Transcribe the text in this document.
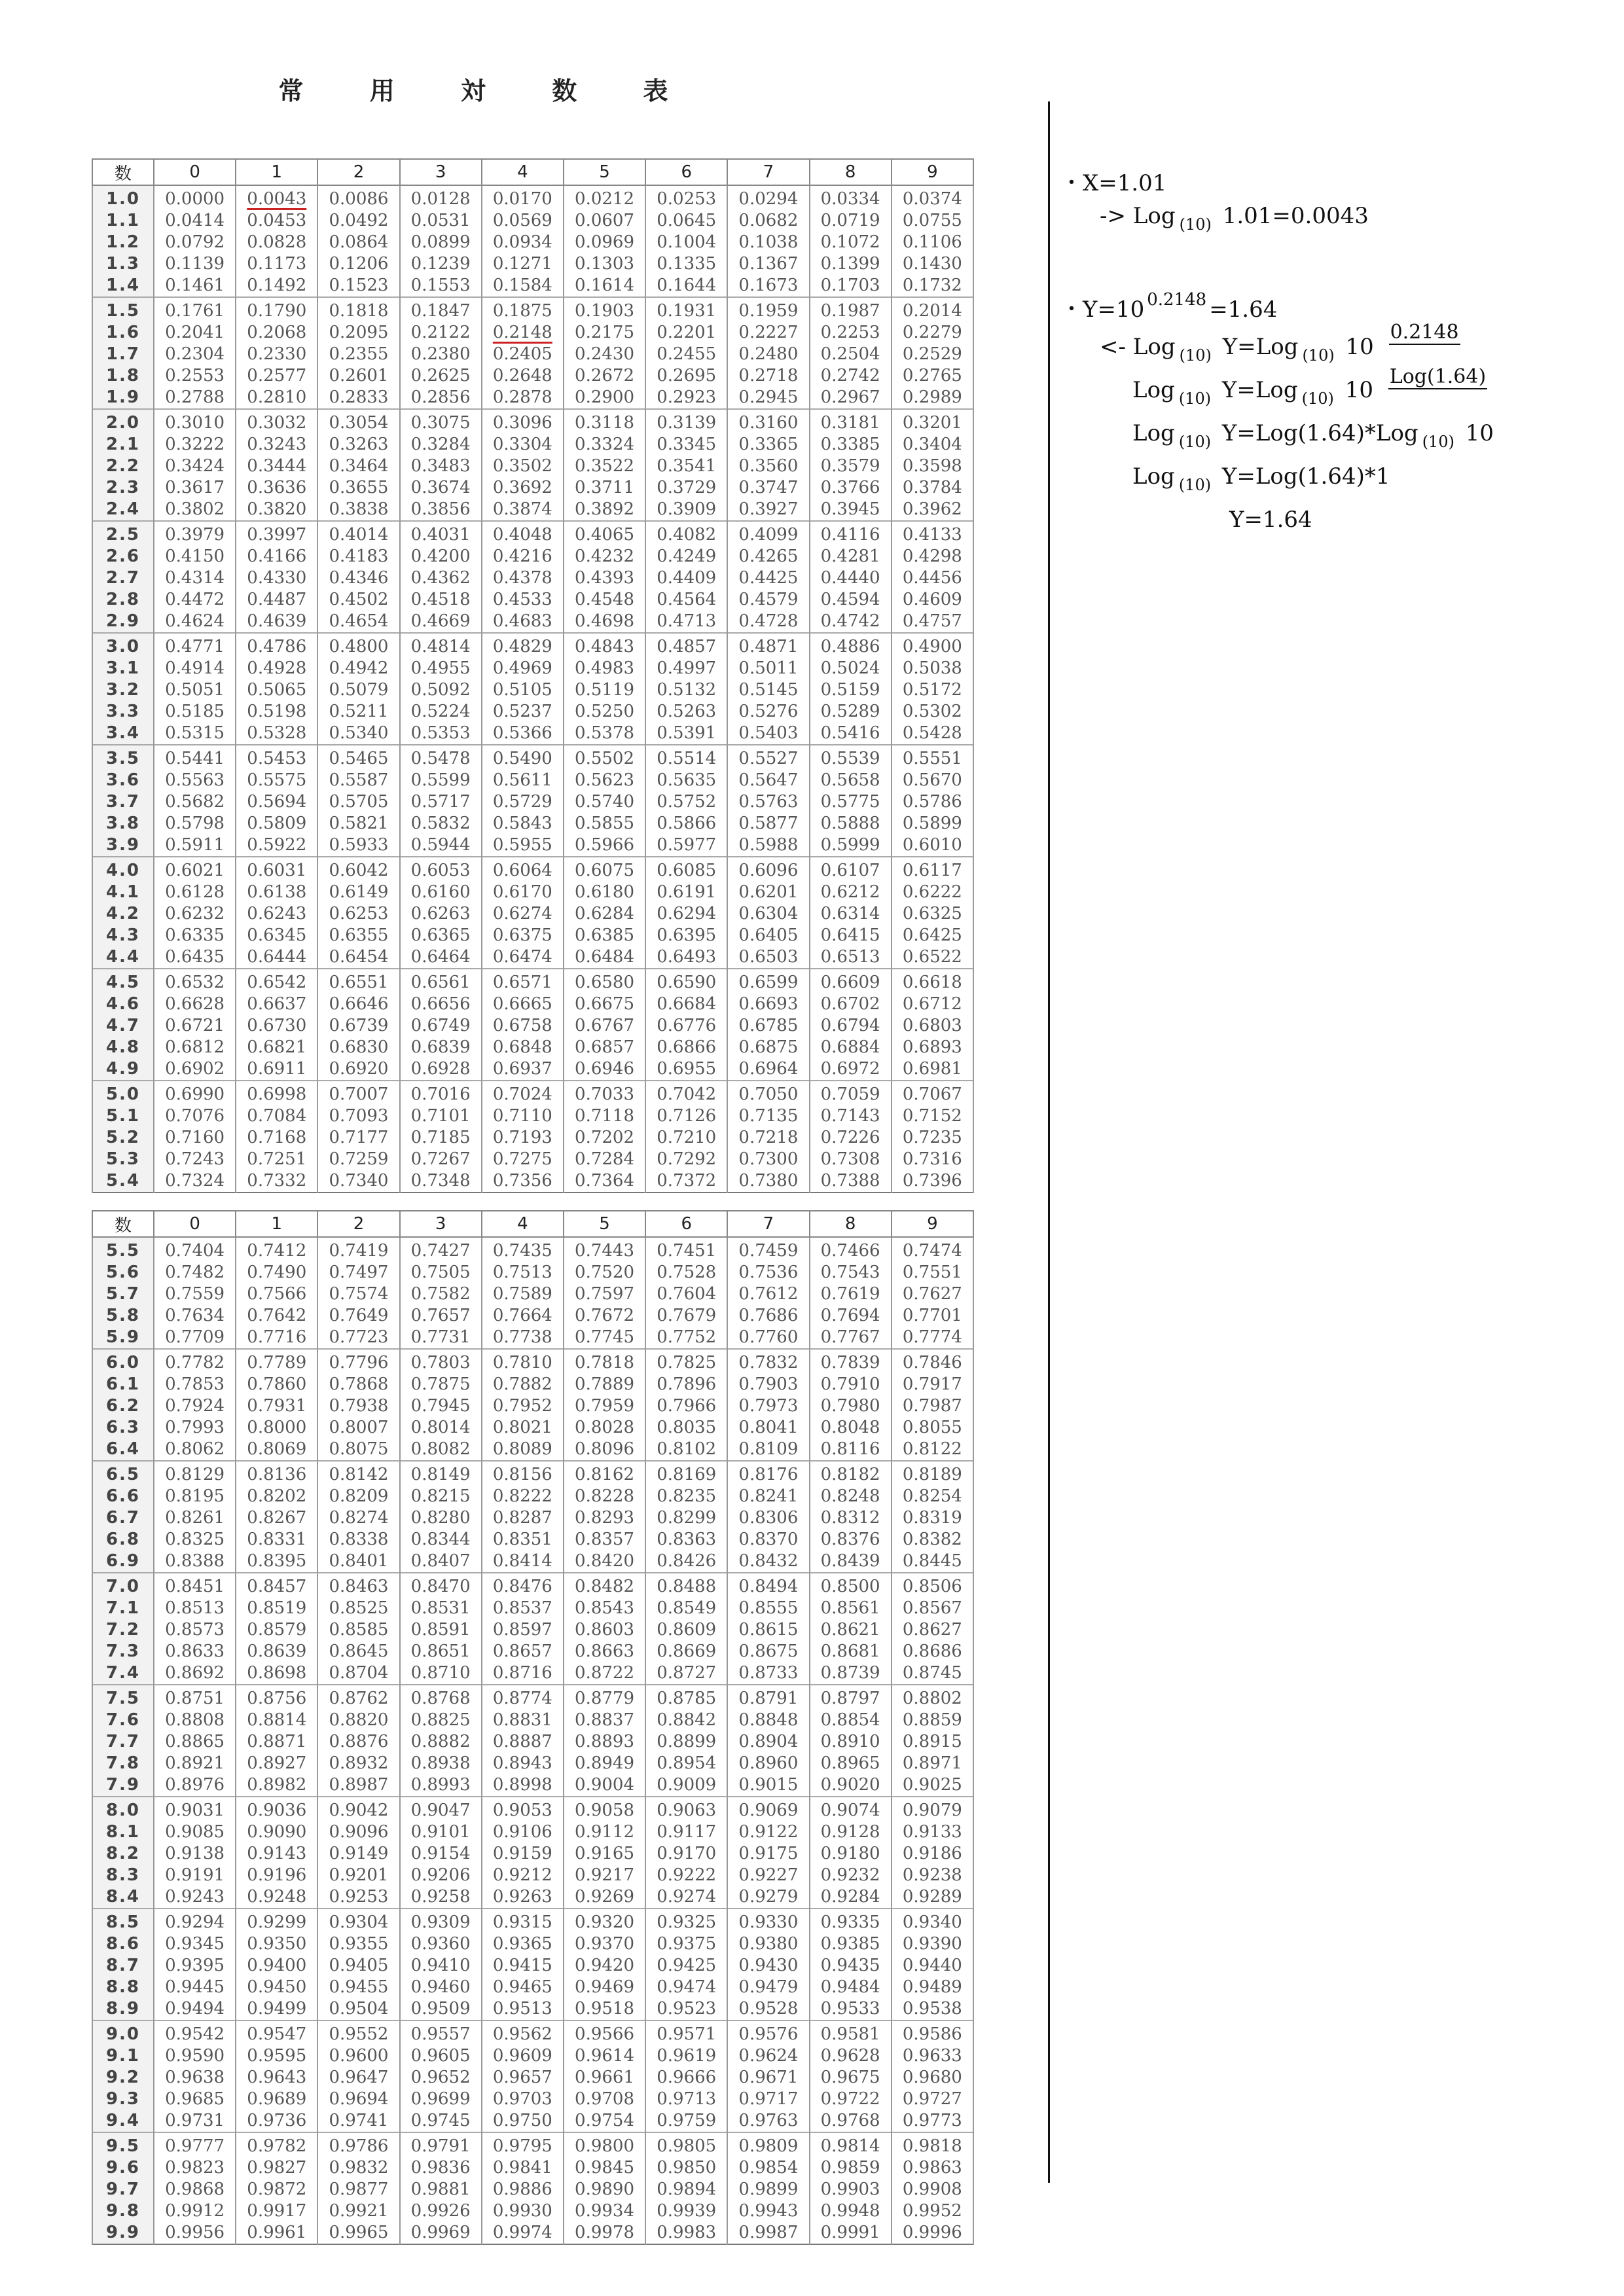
常 用 対 数 表
数	0	1	2	3	4	5	6	7	8	9
1.0	0.0000	0.0043	0.0086	0.0128	0.0170	0.0212	0.0253	0.0294	0.0334	0.0374
1.1	0.0414	0.0453	0.0492	0.0531	0.0569	0.0607	0.0645	0.0682	0.0719	0.0755
1.2	0.0792	0.0828	0.0864	0.0899	0.0934	0.0969	0.1004	0.1038	0.1072	0.1106
1.3	0.1139	0.1173	0.1206	0.1239	0.1271	0.1303	0.1335	0.1367	0.1399	0.1430
1.4	0.1461	0.1492	0.1523	0.1553	0.1584	0.1614	0.1644	0.1673	0.1703	0.1732
1.5	0.1761	0.1790	0.1818	0.1847	0.1875	0.1903	0.1931	0.1959	0.1987	0.2014
1.6	0.2041	0.2068	0.2095	0.2122	0.2148	0.2175	0.2201	0.2227	0.2253	0.2279
1.7	0.2304	0.2330	0.2355	0.2380	0.2405	0.2430	0.2455	0.2480	0.2504	0.2529
1.8	0.2553	0.2577	0.2601	0.2625	0.2648	0.2672	0.2695	0.2718	0.2742	0.2765
1.9	0.2788	0.2810	0.2833	0.2856	0.2878	0.2900	0.2923	0.2945	0.2967	0.2989
2.0	0.3010	0.3032	0.3054	0.3075	0.3096	0.3118	0.3139	0.3160	0.3181	0.3201
2.1	0.3222	0.3243	0.3263	0.3284	0.3304	0.3324	0.3345	0.3365	0.3385	0.3404
2.2	0.3424	0.3444	0.3464	0.3483	0.3502	0.3522	0.3541	0.3560	0.3579	0.3598
2.3	0.3617	0.3636	0.3655	0.3674	0.3692	0.3711	0.3729	0.3747	0.3766	0.3784
2.4	0.3802	0.3820	0.3838	0.3856	0.3874	0.3892	0.3909	0.3927	0.3945	0.3962
2.5	0.3979	0.3997	0.4014	0.4031	0.4048	0.4065	0.4082	0.4099	0.4116	0.4133
2.6	0.4150	0.4166	0.4183	0.4200	0.4216	0.4232	0.4249	0.4265	0.4281	0.4298
2.7	0.4314	0.4330	0.4346	0.4362	0.4378	0.4393	0.4409	0.4425	0.4440	0.4456
2.8	0.4472	0.4487	0.4502	0.4518	0.4533	0.4548	0.4564	0.4579	0.4594	0.4609
2.9	0.4624	0.4639	0.4654	0.4669	0.4683	0.4698	0.4713	0.4728	0.4742	0.4757
3.0	0.4771	0.4786	0.4800	0.4814	0.4829	0.4843	0.4857	0.4871	0.4886	0.4900
3.1	0.4914	0.4928	0.4942	0.4955	0.4969	0.4983	0.4997	0.5011	0.5024	0.5038
3.2	0.5051	0.5065	0.5079	0.5092	0.5105	0.5119	0.5132	0.5145	0.5159	0.5172
3.3	0.5185	0.5198	0.5211	0.5224	0.5237	0.5250	0.5263	0.5276	0.5289	0.5302
3.4	0.5315	0.5328	0.5340	0.5353	0.5366	0.5378	0.5391	0.5403	0.5416	0.5428
3.5	0.5441	0.5453	0.5465	0.5478	0.5490	0.5502	0.5514	0.5527	0.5539	0.5551
3.6	0.5563	0.5575	0.5587	0.5599	0.5611	0.5623	0.5635	0.5647	0.5658	0.5670
3.7	0.5682	0.5694	0.5705	0.5717	0.5729	0.5740	0.5752	0.5763	0.5775	0.5786
3.8	0.5798	0.5809	0.5821	0.5832	0.5843	0.5855	0.5866	0.5877	0.5888	0.5899
3.9	0.5911	0.5922	0.5933	0.5944	0.5955	0.5966	0.5977	0.5988	0.5999	0.6010
4.0	0.6021	0.6031	0.6042	0.6053	0.6064	0.6075	0.6085	0.6096	0.6107	0.6117
4.1	0.6128	0.6138	0.6149	0.6160	0.6170	0.6180	0.6191	0.6201	0.6212	0.6222
4.2	0.6232	0.6243	0.6253	0.6263	0.6274	0.6284	0.6294	0.6304	0.6314	0.6325
4.3	0.6335	0.6345	0.6355	0.6365	0.6375	0.6385	0.6395	0.6405	0.6415	0.6425
4.4	0.6435	0.6444	0.6454	0.6464	0.6474	0.6484	0.6493	0.6503	0.6513	0.6522
4.5	0.6532	0.6542	0.6551	0.6561	0.6571	0.6580	0.6590	0.6599	0.6609	0.6618
4.6	0.6628	0.6637	0.6646	0.6656	0.6665	0.6675	0.6684	0.6693	0.6702	0.6712
4.7	0.6721	0.6730	0.6739	0.6749	0.6758	0.6767	0.6776	0.6785	0.6794	0.6803
4.8	0.6812	0.6821	0.6830	0.6839	0.6848	0.6857	0.6866	0.6875	0.6884	0.6893
4.9	0.6902	0.6911	0.6920	0.6928	0.6937	0.6946	0.6955	0.6964	0.6972	0.6981
5.0	0.6990	0.6998	0.7007	0.7016	0.7024	0.7033	0.7042	0.7050	0.7059	0.7067
5.1	0.7076	0.7084	0.7093	0.7101	0.7110	0.7118	0.7126	0.7135	0.7143	0.7152
5.2	0.7160	0.7168	0.7177	0.7185	0.7193	0.7202	0.7210	0.7218	0.7226	0.7235
5.3	0.7243	0.7251	0.7259	0.7267	0.7275	0.7284	0.7292	0.7300	0.7308	0.7316
5.4	0.7324	0.7332	0.7340	0.7348	0.7356	0.7364	0.7372	0.7380	0.7388	0.7396
数	0	1	2	3	4	5	6	7	8	9
5.5	0.7404	0.7412	0.7419	0.7427	0.7435	0.7443	0.7451	0.7459	0.7466	0.7474
5.6	0.7482	0.7490	0.7497	0.7505	0.7513	0.7520	0.7528	0.7536	0.7543	0.7551
5.7	0.7559	0.7566	0.7574	0.7582	0.7589	0.7597	0.7604	0.7612	0.7619	0.7627
5.8	0.7634	0.7642	0.7649	0.7657	0.7664	0.7672	0.7679	0.7686	0.7694	0.7701
5.9	0.7709	0.7716	0.7723	0.7731	0.7738	0.7745	0.7752	0.7760	0.7767	0.7774
6.0	0.7782	0.7789	0.7796	0.7803	0.7810	0.7818	0.7825	0.7832	0.7839	0.7846
6.1	0.7853	0.7860	0.7868	0.7875	0.7882	0.7889	0.7896	0.7903	0.7910	0.7917
6.2	0.7924	0.7931	0.7938	0.7945	0.7952	0.7959	0.7966	0.7973	0.7980	0.7987
6.3	0.7993	0.8000	0.8007	0.8014	0.8021	0.8028	0.8035	0.8041	0.8048	0.8055
6.4	0.8062	0.8069	0.8075	0.8082	0.8089	0.8096	0.8102	0.8109	0.8116	0.8122
6.5	0.8129	0.8136	0.8142	0.8149	0.8156	0.8162	0.8169	0.8176	0.8182	0.8189
6.6	0.8195	0.8202	0.8209	0.8215	0.8222	0.8228	0.8235	0.8241	0.8248	0.8254
6.7	0.8261	0.8267	0.8274	0.8280	0.8287	0.8293	0.8299	0.8306	0.8312	0.8319
6.8	0.8325	0.8331	0.8338	0.8344	0.8351	0.8357	0.8363	0.8370	0.8376	0.8382
6.9	0.8388	0.8395	0.8401	0.8407	0.8414	0.8420	0.8426	0.8432	0.8439	0.8445
7.0	0.8451	0.8457	0.8463	0.8470	0.8476	0.8482	0.8488	0.8494	0.8500	0.8506
7.1	0.8513	0.8519	0.8525	0.8531	0.8537	0.8543	0.8549	0.8555	0.8561	0.8567
7.2	0.8573	0.8579	0.8585	0.8591	0.8597	0.8603	0.8609	0.8615	0.8621	0.8627
7.3	0.8633	0.8639	0.8645	0.8651	0.8657	0.8663	0.8669	0.8675	0.8681	0.8686
7.4	0.8692	0.8698	0.8704	0.8710	0.8716	0.8722	0.8727	0.8733	0.8739	0.8745
7.5	0.8751	0.8756	0.8762	0.8768	0.8774	0.8779	0.8785	0.8791	0.8797	0.8802
7.6	0.8808	0.8814	0.8820	0.8825	0.8831	0.8837	0.8842	0.8848	0.8854	0.8859
7.7	0.8865	0.8871	0.8876	0.8882	0.8887	0.8893	0.8899	0.8904	0.8910	0.8915
7.8	0.8921	0.8927	0.8932	0.8938	0.8943	0.8949	0.8954	0.8960	0.8965	0.8971
7.9	0.8976	0.8982	0.8987	0.8993	0.8998	0.9004	0.9009	0.9015	0.9020	0.9025
8.0	0.9031	0.9036	0.9042	0.9047	0.9053	0.9058	0.9063	0.9069	0.9074	0.9079
8.1	0.9085	0.9090	0.9096	0.9101	0.9106	0.9112	0.9117	0.9122	0.9128	0.9133
8.2	0.9138	0.9143	0.9149	0.9154	0.9159	0.9165	0.9170	0.9175	0.9180	0.9186
8.3	0.9191	0.9196	0.9201	0.9206	0.9212	0.9217	0.9222	0.9227	0.9232	0.9238
8.4	0.9243	0.9248	0.9253	0.9258	0.9263	0.9269	0.9274	0.9279	0.9284	0.9289
8.5	0.9294	0.9299	0.9304	0.9309	0.9315	0.9320	0.9325	0.9330	0.9335	0.9340
8.6	0.9345	0.9350	0.9355	0.9360	0.9365	0.9370	0.9375	0.9380	0.9385	0.9390
8.7	0.9395	0.9400	0.9405	0.9410	0.9415	0.9420	0.9425	0.9430	0.9435	0.9440
8.8	0.9445	0.9450	0.9455	0.9460	0.9465	0.9469	0.9474	0.9479	0.9484	0.9489
8.9	0.9494	0.9499	0.9504	0.9509	0.9513	0.9518	0.9523	0.9528	0.9533	0.9538
9.0	0.9542	0.9547	0.9552	0.9557	0.9562	0.9566	0.9571	0.9576	0.9581	0.9586
9.1	0.9590	0.9595	0.9600	0.9605	0.9609	0.9614	0.9619	0.9624	0.9628	0.9633
9.2	0.9638	0.9643	0.9647	0.9652	0.9657	0.9661	0.9666	0.9671	0.9675	0.9680
9.3	0.9685	0.9689	0.9694	0.9699	0.9703	0.9708	0.9713	0.9717	0.9722	0.9727
9.4	0.9731	0.9736	0.9741	0.9745	0.9750	0.9754	0.9759	0.9763	0.9768	0.9773
9.5	0.9777	0.9782	0.9786	0.9791	0.9795	0.9800	0.9805	0.9809	0.9814	0.9818
9.6	0.9823	0.9827	0.9832	0.9836	0.9841	0.9845	0.9850	0.9854	0.9859	0.9863
9.7	0.9868	0.9872	0.9877	0.9881	0.9886	0.9890	0.9894	0.9899	0.9903	0.9908
9.8	0.9912	0.9917	0.9921	0.9926	0.9930	0.9934	0.9939	0.9943	0.9948	0.9952
9.9	0.9956	0.9961	0.9965	0.9969	0.9974	0.9978	0.9983	0.9987	0.9991	0.9996
・X=1.01
-> Log $_{(10)}$ 1.01=0.0043
・Y=10 $^{0.2148}$ =1.64
<- Log $_{(10)}$ Y=Log $_{(10)}$ 10
0.2148
Log $_{(10)}$ Y=Log $_{(10)}$ 10
Log(1.64)
Log $_{(10)}$ Y=Log(1.64)*Log $_{(10)}$ 10
Log $_{(10)}$ Y=Log(1.64)*1
Y=1.64
